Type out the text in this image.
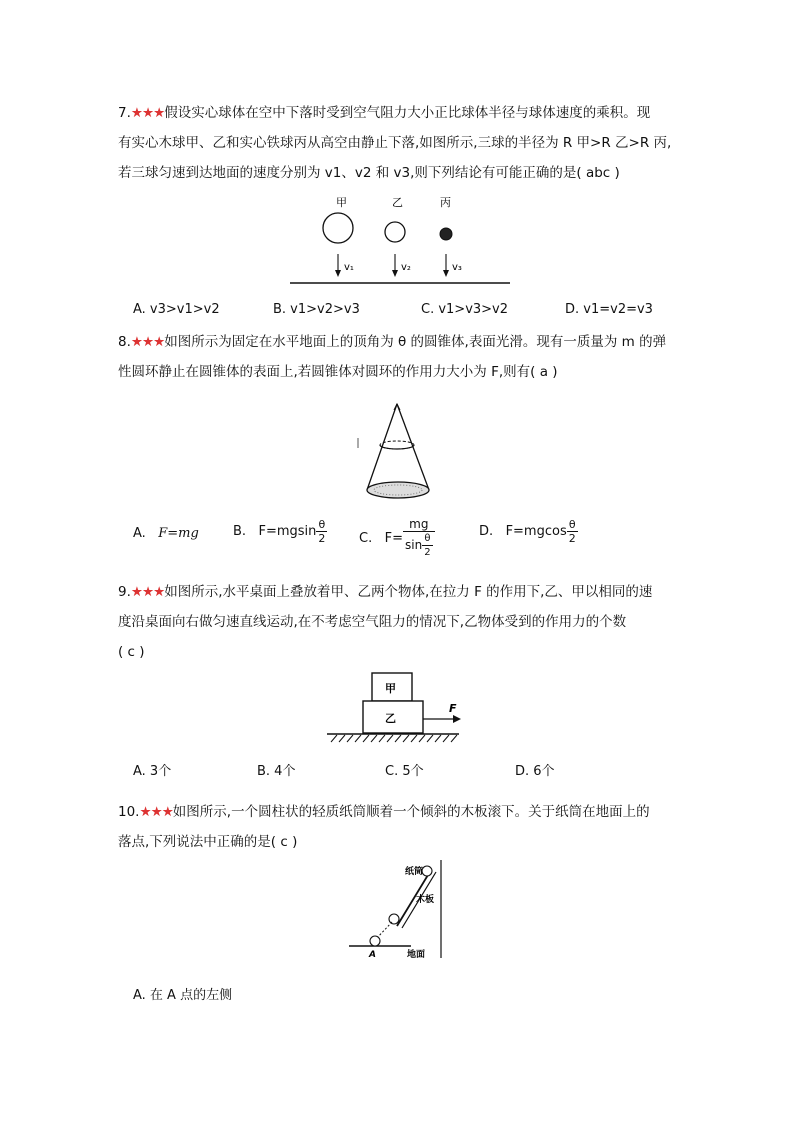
7.★★★假设实心球体在空中下落时受到空气阻力大小正比球体半径与球体速度的乘积。现
有实心木球甲、乙和实心铁球丙从高空由静止下落,如图所示,三球的半径为 R 甲>R 乙>R 丙,
若三球匀速到达地面的速度分别为 v1、v2 和 v3,则下列结论有可能正确的是( abc )
甲	乙	丙
v₁	v₂	v₃
A. v3>v1>v2	B. v1>v2>v3	C. v1>v3>v2	D. v1=v2=v3
8.★★★如图所示为固定在水平地面上的顶角为 θ 的圆锥体,表面光滑。现有一质量为 m 的弹
性圆环静止在圆锥体的表面上,若圆锥体对圆环的作用力大小为 F,则有( a )
A. F=mg	B. $F=mgsin \frac{\theta}{2} C$. $F= \frac{mg}{\sin \frac{\theta}{2}}$	D. $F=mgcos \frac{\theta}{2}$
9.★★★如图所示,水平桌面上叠放着甲、乙两个物体,在拉力 F 的作用下,乙、甲以相同的速
度沿桌面向右做匀速直线运动,在不考虑空气阻力的情况下,乙物体受到的作用力的个数
( c )
甲
乙
F
A. 3个	B. 4个	C. 5个	D. 6个
10.★★★如图所示,一个圆柱状的轻质纸筒顺着一个倾斜的木板滚下。关于纸筒在地面上的
落点,下列说法中正确的是( c )
纸筒
木板
A	地面
A. 在 A 点的左侧
